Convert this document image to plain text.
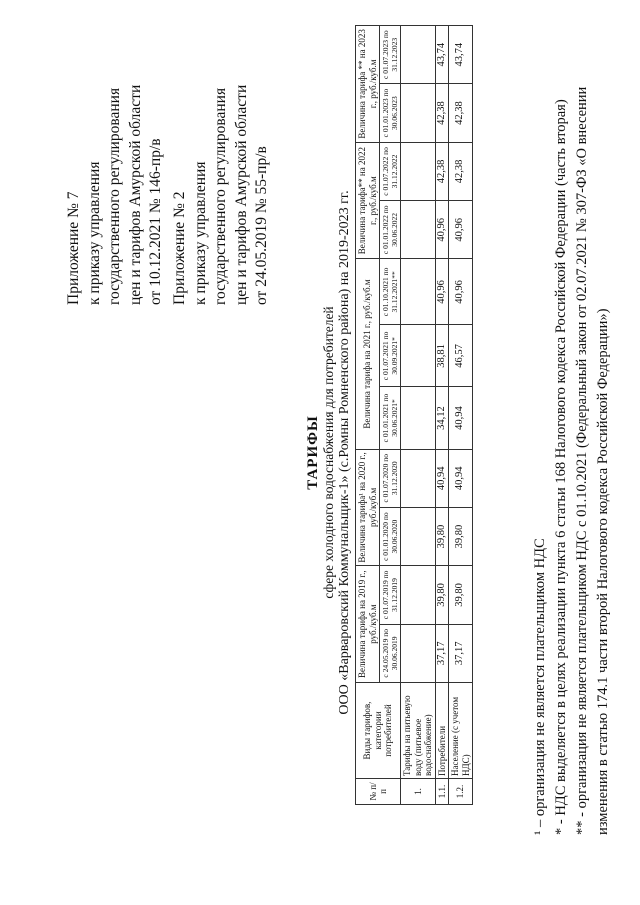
Приложение № 7 к приказу управления государственного регулирования цен и тарифов Амурской области от 10.12.2021 № 146-пр/в Приложение № 2 к приказу управления государственного регулирования цен и тарифов Амурской области от 24.05.2019 № 55-пр/в
ТАРИФЫ сфере холодного водоснабжения для потребителей ООО «Варваровский Коммунальщик-1» (с.Ромны Ромненского района) на 2019-2023 гг.
№ п/п	Виды тарифов, категории потребителей	Величина тарифа на 2019 г., руб./куб.м		Величина тарифа¹ на 2020 г., руб./куб.м		Величина тарифа на 2021 г., руб./куб.м			Величина тарифа** на 2022 г., руб./куб.м		Величина тарифа ** на 2023 г., руб./куб.м	
		с 24.05.2019 по 30.06.2019	с 01.07.2019 по 31.12.2019	с 01.01.2020 по 30.06.2020	с 01.07.2020 по 31.12.2020	с 01.01.2021 по 30.06.2021*	с 01.07.2021 по 30.09.2021*	с 01.10.2021 по 31.12.2021**	с 01.01.2022 по 30.06.2022	с 01.07.2022 по 31.12.2022	с 01.01.2023 по 30.06.2023	с 01.07.2023 по 31.12.2023
1.	Тарифы на питьевую воду (питьевое водоснабжение)											
1.1.	Потребители	37,17	39,80	39,80	40,94	34,12	38,81	40,96	40,96	42,38	42,38	43,74
1.2.	Население (с учетом НДС)	37,17	39,80	39,80	40,94	40,94	46,57	40,96	40,96	42,38	42,38	43,74
¹ – организация не является плательщиком НДС * - НДС выделяется в целях реализации пункта 6 статьи 168 Налогового кодекса Российской Федерации (часть вторая) ** - организация не является плательщиком НДС с 01.10.2021 (Федеральный закон от 02.07.2021 № 307-ФЗ «О внесении изменения в статью 174.1 части второй Налогового кодекса Российской Федерации»)
